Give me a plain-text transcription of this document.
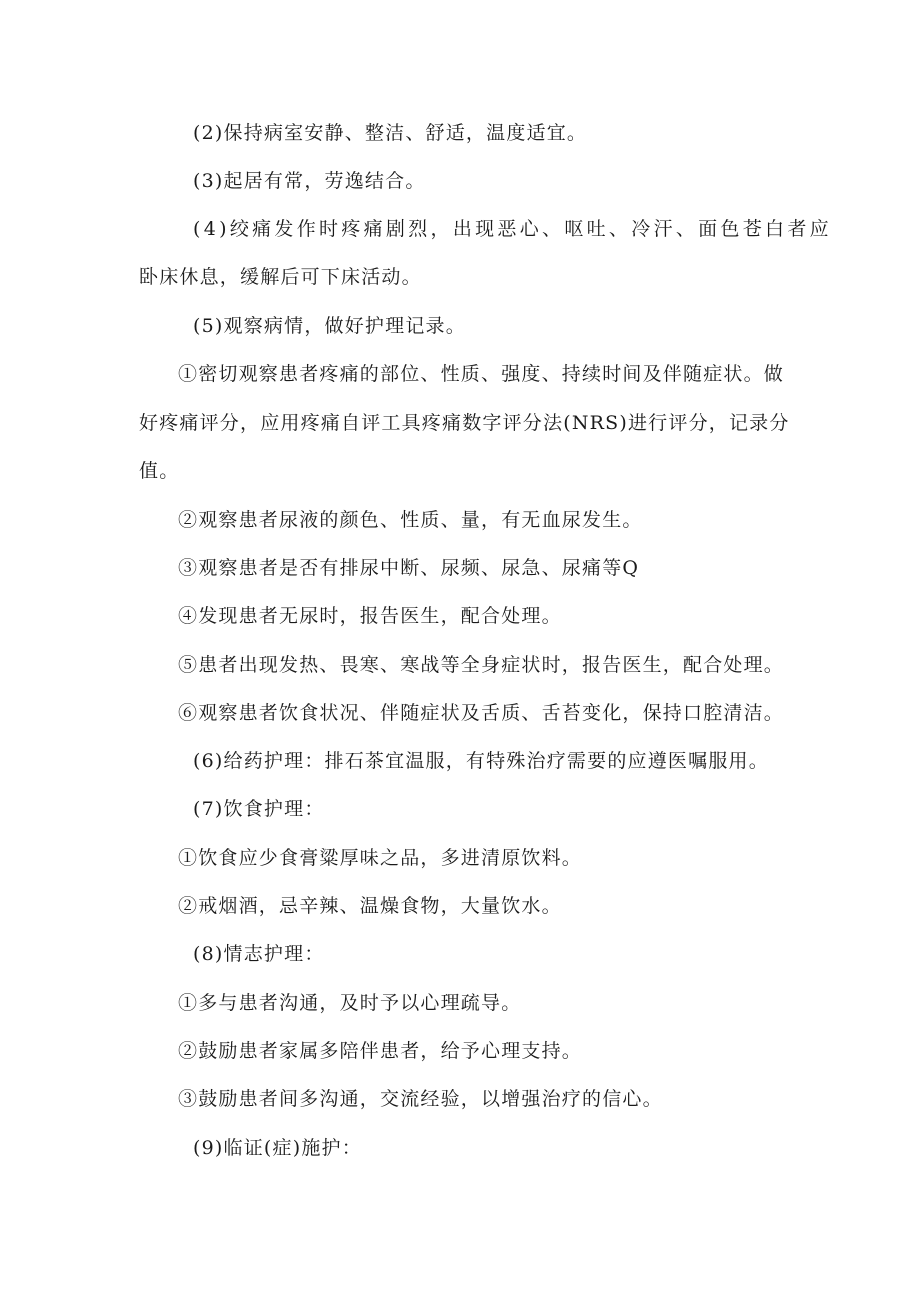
(2)保持病室安静、整洁、舒适，温度适宜。
(3)起居有常，劳逸结合。
(4)绞痛发作时疼痛剧烈，出现恶心、呕吐、冷汗、面色苍白者应
卧床休息，缓解后可下床活动。
(5)观察病情，做好护理记录。
①密切观察患者疼痛的部位、性质、强度、持续时间及伴随症状。做
好疼痛评分，应用疼痛自评工具疼痛数字评分法(NRS)进行评分，记录分
值。
②观察患者尿液的颜色、性质、量，有无血尿发生。
③观察患者是否有排尿中断、尿频、尿急、尿痛等Q
④发现患者无尿时，报告医生，配合处理。
⑤患者出现发热、畏寒、寒战等全身症状时，报告医生，配合处理。
⑥观察患者饮食状况、伴随症状及舌质、舌苔变化，保持口腔清洁。
(6)给药护理：排石茶宜温服，有特殊治疗需要的应遵医嘱服用。
(7)饮食护理：
①饮食应少食膏粱厚味之品，多进清原饮料。
②戒烟酒，忌辛辣、温燥食物，大量饮水。
(8)情志护理：
①多与患者沟通，及时予以心理疏导。
②鼓励患者家属多陪伴患者，给予心理支持。
③鼓励患者间多沟通，交流经验，以增强治疗的信心。
(9)临证(症)施护：
